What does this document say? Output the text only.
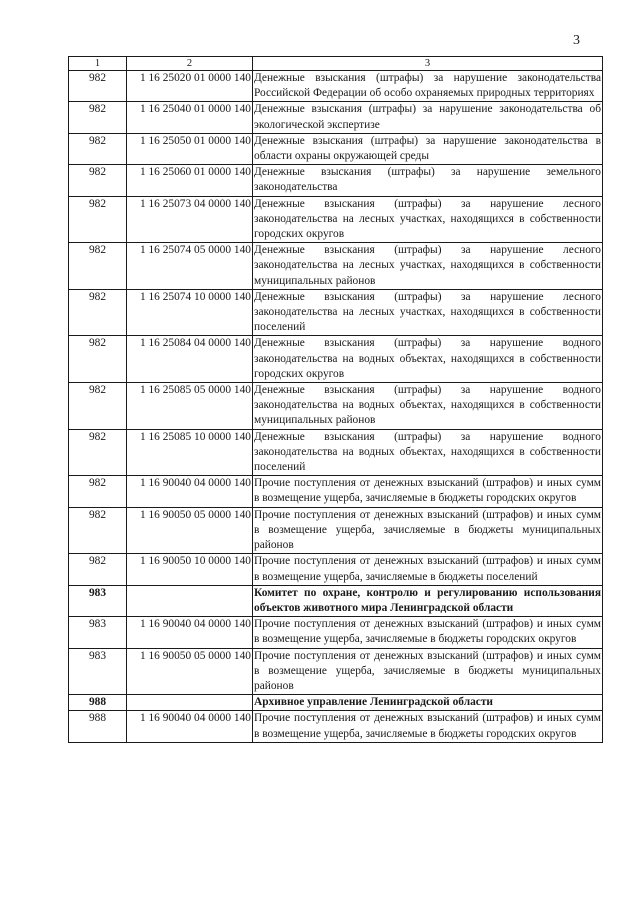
3
1	2	3
982	1 16 25020 01 0000 140	Денежные взыскания (штрафы) за нарушение законодательства Российской Федерации об особо охраняемых природных территориях
982	1 16 25040 01 0000 140	Денежные взыскания (штрафы) за нарушение законодательства об экологической экспертизе
982	1 16 25050 01 0000 140	Денежные взыскания (штрафы) за нарушение законодательства в области охраны окружающей среды
982	1 16 25060 01 0000 140	Денежные взыскания (штрафы) за нарушение земельного законодательства
982	1 16 25073 04 0000 140	Денежные взыскания (штрафы) за нарушение лесного законодательства на лесных участках, находящихся в собственности городских округов
982	1 16 25074 05 0000 140	Денежные взыскания (штрафы) за нарушение лесного законодательства на лесных участках, находящихся в собственности муниципальных районов
982	1 16 25074 10 0000 140	Денежные взыскания (штрафы) за нарушение лесного законодательства на лесных участках, находящихся в собственности поселений
982	1 16 25084 04 0000 140	Денежные взыскания (штрафы) за нарушение водного законодательства на водных объектах, находящихся в собственности городских округов
982	1 16 25085 05 0000 140	Денежные взыскания (штрафы) за нарушение водного законодательства на водных объектах, находящихся в собственности муниципальных районов
982	1 16 25085 10 0000 140	Денежные взыскания (штрафы) за нарушение водного законодательства на водных объектах, находящихся в собственности поселений
982	1 16 90040 04 0000 140	Прочие поступления от денежных взысканий (штрафов) и иных сумм в возмещение ущерба, зачисляемые в бюджеты городских округов
982	1 16 90050 05 0000 140	Прочие поступления от денежных взысканий (штрафов) и иных сумм в возмещение ущерба, зачисляемые в бюджеты муниципальных районов
982	1 16 90050 10 0000 140	Прочие поступления от денежных взысканий (штрафов) и иных сумм в возмещение ущерба, зачисляемые в бюджеты поселений
983		Комитет по охране, контролю и регулированию использования объектов животного мира Ленинградской области
983	1 16 90040 04 0000 140	Прочие поступления от денежных взысканий (штрафов) и иных сумм в возмещение ущерба, зачисляемые в бюджеты городских округов
983	1 16 90050 05 0000 140	Прочие поступления от денежных взысканий (штрафов) и иных сумм в возмещение ущерба, зачисляемые в бюджеты муниципальных районов
988		Архивное управление Ленинградской области
988	1 16 90040 04 0000 140	Прочие поступления от денежных взысканий (штрафов) и иных сумм в возмещение ущерба, зачисляемые в бюджеты городских округов
